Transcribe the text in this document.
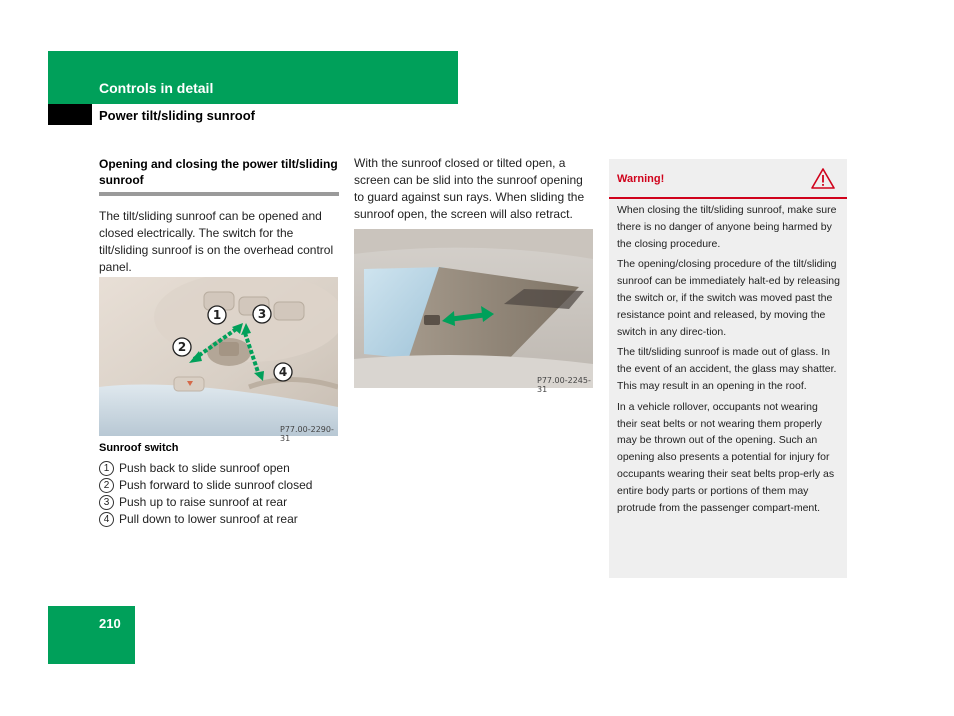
Controls in detail
Power tilt/sliding sunroof
Opening and closing the power tilt/sliding sunroof
The tilt/sliding sunroof can be opened and closed electrically. The switch for the tilt/sliding sunroof is on the overhead control panel.
1
2
3
4
P77.00-2290-31
Sunroof switch
1 Push back to slide sunroof open
2 Push forward to slide sunroof closed
3 Push up to raise sunroof at rear
4 Pull down to lower sunroof at rear
With the sunroof closed or tilted open, a screen can be slid into the sunroof opening to guard against sun rays. When sliding the sunroof open, the screen will also retract.
P77.00-2245-31
Warning!

When closing the tilt/sliding sunroof, make sure there is no danger of anyone being harmed by the closing procedure.

The opening/closing procedure of the tilt/sliding sunroof can be immediately halt-ed by releasing the switch or, if the switch was moved past the resistance point and released, by moving the switch in any direc-tion.

The tilt/sliding sunroof is made out of glass. In the event of an accident, the glass may shatter. This may result in an opening in the roof.

In a vehicle rollover, occupants not wearing their seat belts or not wearing them properly may be thrown out of the opening. Such an opening also presents a potential for injury for occupants wearing their seat belts prop-erly as entire body parts or portions of them may protrude from the passenger compart-ment.

210
